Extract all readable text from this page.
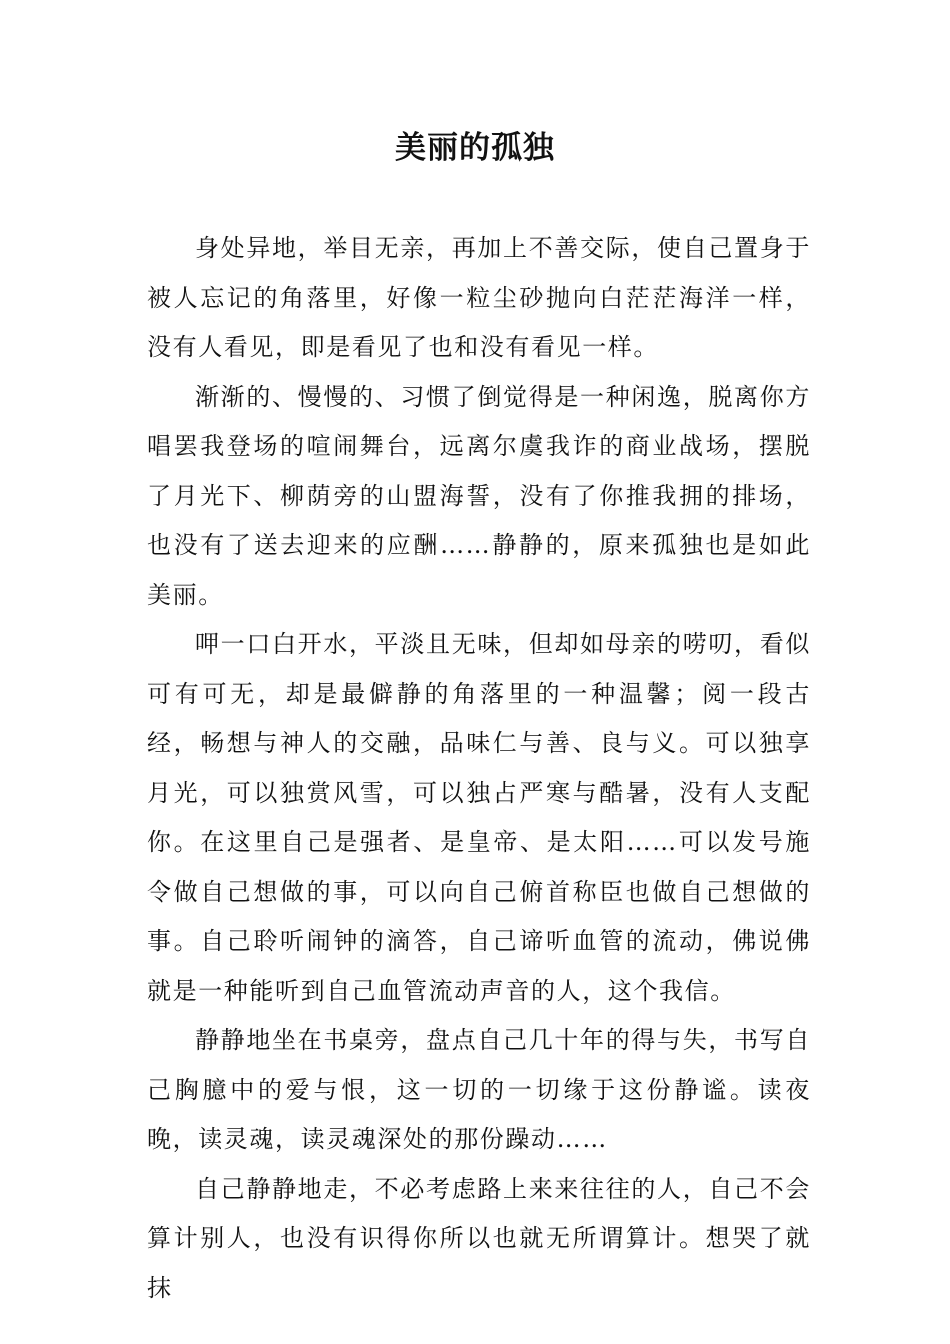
美丽的孤独

身处异地，举目无亲，再加上不善交际，使自己置身于被人忘记的角落里，好像一粒尘砂抛向白茫茫海洋一样，没有人看见，即是看见了也和没有看见一样。

渐渐的、慢慢的、习惯了倒觉得是一种闲逸，脱离你方唱罢我登场的喧闹舞台，远离尔虞我诈的商业战场，摆脱了月光下、柳荫旁的山盟海誓，没有了你推我拥的排场，也没有了送去迎来的应酬……静静的，原来孤独也是如此美丽。

呷一口白开水，平淡且无味，但却如母亲的唠叨，看似可有可无，却是最僻静的角落里的一种温馨；阅一段古经，畅想与神人的交融，品味仁与善、良与义。可以独享月光，可以独赏风雪，可以独占严寒与酷暑，没有人支配你。在这里自己是强者、是皇帝、是太阳……可以发号施令做自己想做的事，可以向自己俯首称臣也做自己想做的事。自己聆听闹钟的滴答，自己谛听血管的流动，佛说佛就是一种能听到自己血管流动声音的人，这个我信。

静静地坐在书桌旁，盘点自己几十年的得与失，书写自己胸臆中的爱与恨，这一切的一切缘于这份静谧。读夜晚，读灵魂，读灵魂深处的那份躁动……

自己静静地走，不必考虑路上来来往往的人，自己不会算计别人，也没有识得你所以也就无所谓算计。想哭了就抹
